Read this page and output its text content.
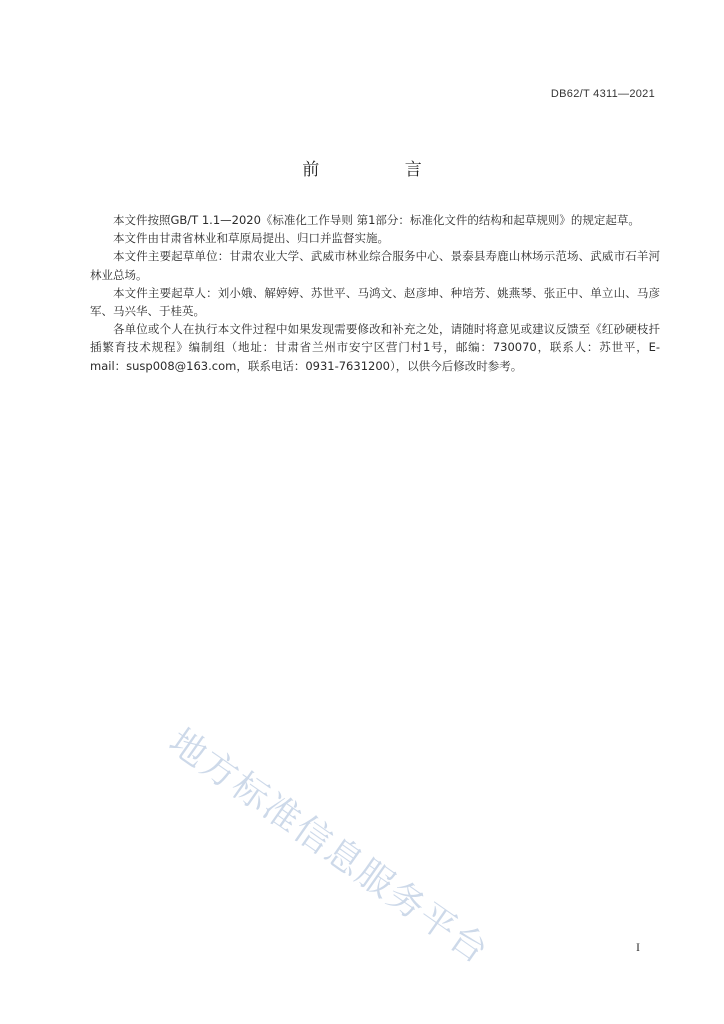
DB62/T 4311—2021
前 言

本文件按照GB/T 1.1—2020《标准化工作导则 第1部分：标准化文件的结构和起草规则》的规定起草。

本文件由甘肃省林业和草原局提出、归口并监督实施。

本文件主要起草单位：甘肃农业大学、武威市林业综合服务中心、景泰县寿鹿山林场示范场、武威市石羊河林业总场。

本文件主要起草人：刘小娥、解婷婷、苏世平、马鸿文、赵彦坤、种培芳、姚燕琴、张正中、单立山、马彦军、马兴华、于桂英。

各单位或个人在执行本文件过程中如果发现需要修改和补充之处，请随时将意见或建议反馈至《红砂硬枝扦插繁育技术规程》编制组（地址：甘肃省兰州市安宁区营门村1号，邮编：730070，联系人：苏世平，E-mail：susp008@163.com，联系电话：0931-7631200），以供今后修改时参考。

地方标准信息服务平台	I
